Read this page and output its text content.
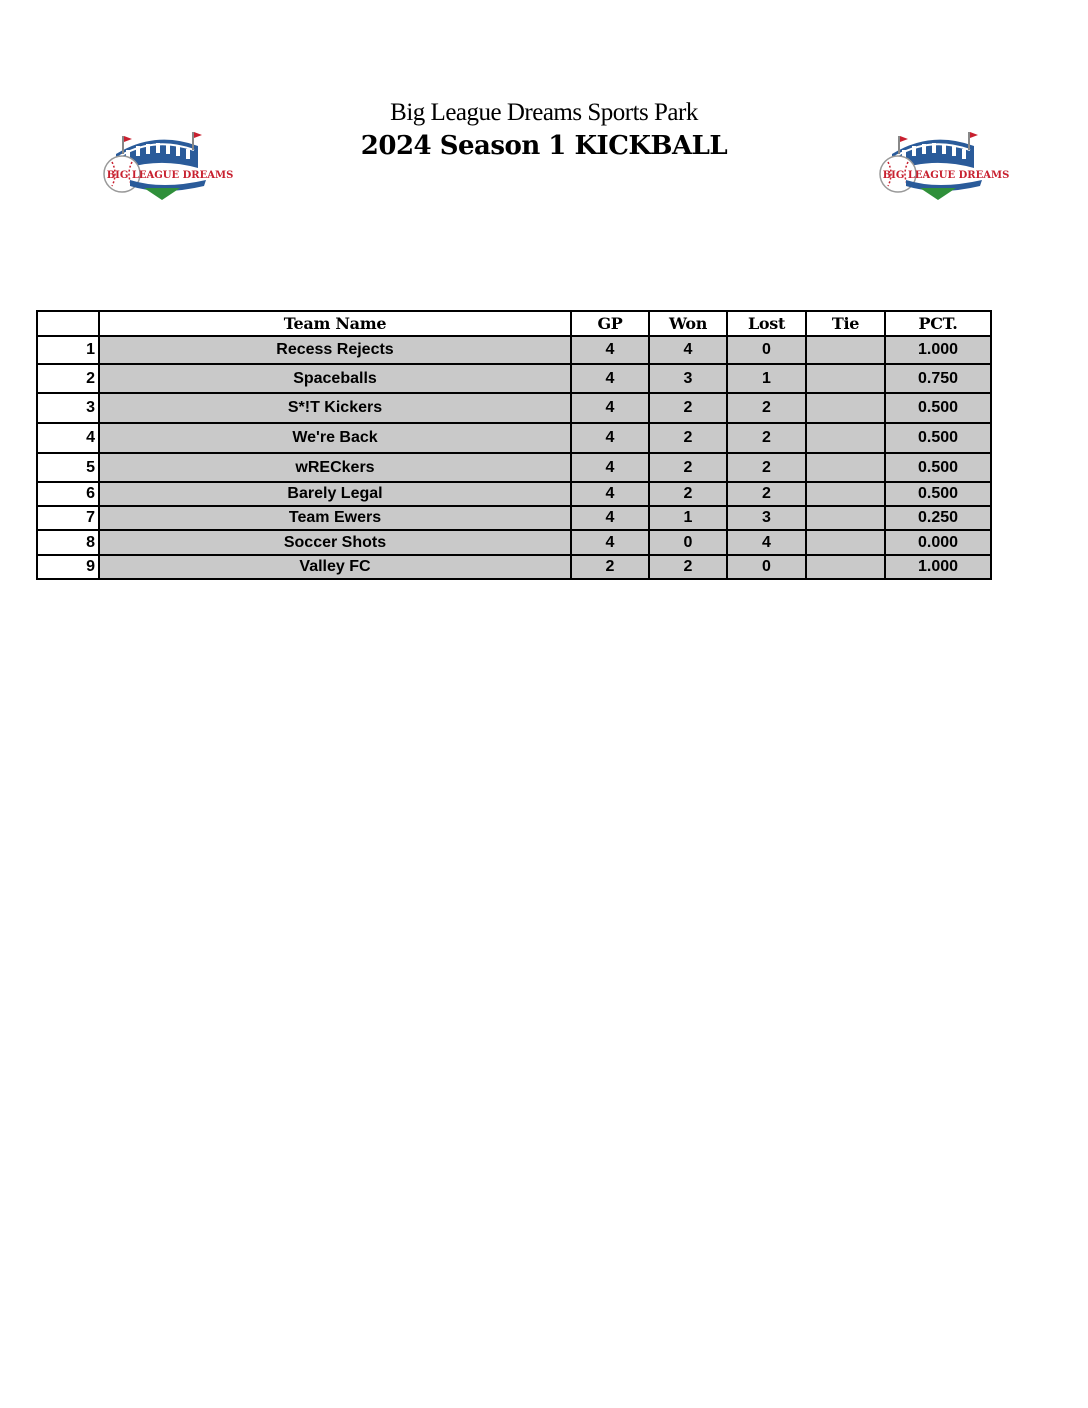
BIG LEAGUE DREAMS	BIG LEAGUE DREAMS
Big League Dreams Sports Park
2024 Season 1 KICKBALL
	Team Name	GP	Won	Lost	Tie	PCT.
1	Recess Rejects	4	4	0		1.000
2	Spaceballs	4	3	1		0.750
3	S*!T Kickers	4	2	2		0.500
4	We're Back	4	2	2		0.500
5	wRECkers	4	2	2		0.500
6	Barely Legal	4	2	2		0.500
7	Team Ewers	4	1	3		0.250
8	Soccer Shots	4	0	4		0.000
9	Valley FC	2	2	0		1.000
